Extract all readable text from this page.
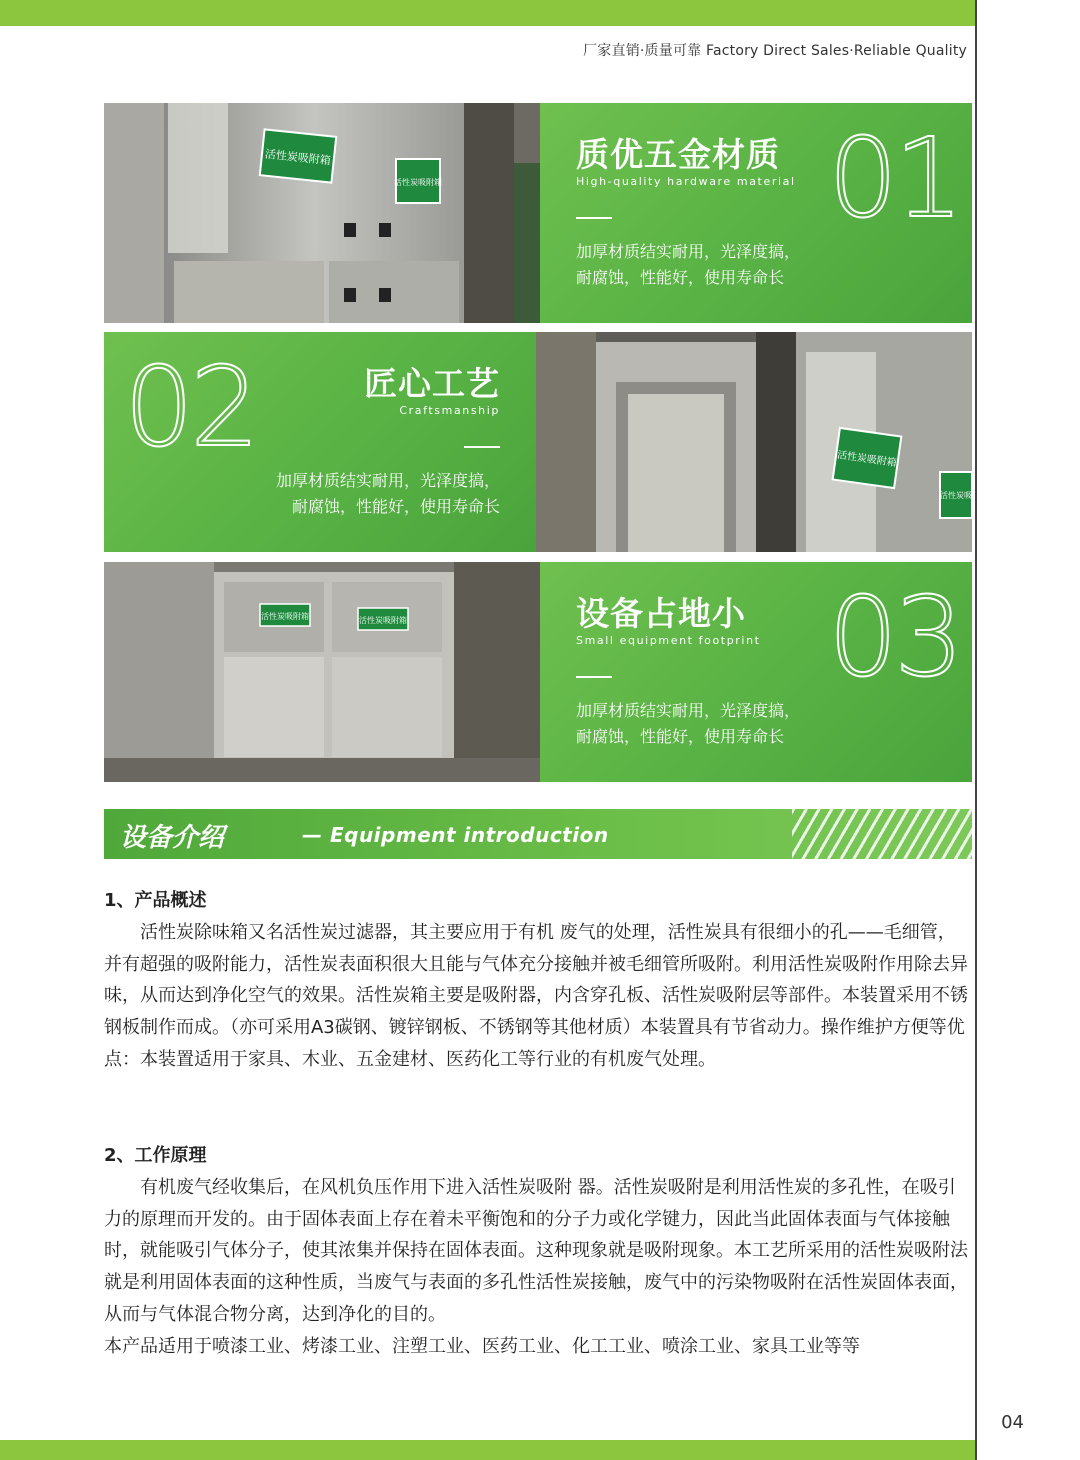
厂家直销·质量可靠 Factory Direct Sales·Reliable Quality
活性炭吸附箱
活性炭吸附箱
质优五金材质
High-quality hardware material
加厚材质结实耐用，光泽度搞，
耐腐蚀，性能好，使用寿命长
01
02	匠心工艺
Craftsmanship
加厚材质结实耐用，光泽度搞，
耐腐蚀，性能好，使用寿命长
活性炭吸附箱
活性炭吸
活性炭吸附箱	活性炭吸附箱	设备占地小
Small equipment footprint
加厚材质结实耐用，光泽度搞，
耐腐蚀，性能好，使用寿命长
03
设备介绍	— Equipment introduction
1、产品概述

活性炭除味箱又名活性炭过滤器，其主要应用于有机 废气的处理，活性炭具有很细小的孔——毛细管，并有超强的吸附能力，活性炭表面积很大且能与气体充分接触并被毛细管所吸附。利用活性炭吸附作用除去异味，从而达到净化空气的效果。活性炭箱主要是吸附器，内含穿孔板、活性炭吸附层等部件。本装置采用不锈钢板制作而成。（亦可采用A3碳钢、镀锌钢板、不锈钢等其他材质）本装置具有节省动力。操作维护方便等优点：本装置适用于家具、木业、五金建材、医药化工等行业的有机废气处理。

2、工作原理

有机废气经收集后，在风机负压作用下进入活性炭吸附 器。活性炭吸附是利用活性炭的多孔性，在吸引力的原理而开发的。由于固体表面上存在着未平衡饱和的分子力或化学键力，因此当此固体表面与气体接触时，就能吸引气体分子，使其浓集并保持在固体表面。这种现象就是吸附现象。本工艺所采用的活性炭吸附法就是利用固体表面的这种性质，当废气与表面的多孔性活性炭接触，废气中的污染物吸附在活性炭固体表面，从而与气体混合物分离，达到净化的目的。

本产品适用于喷漆工业、烤漆工业、注塑工业、医药工业、化工工业、喷涂工业、家具工业等等

04
